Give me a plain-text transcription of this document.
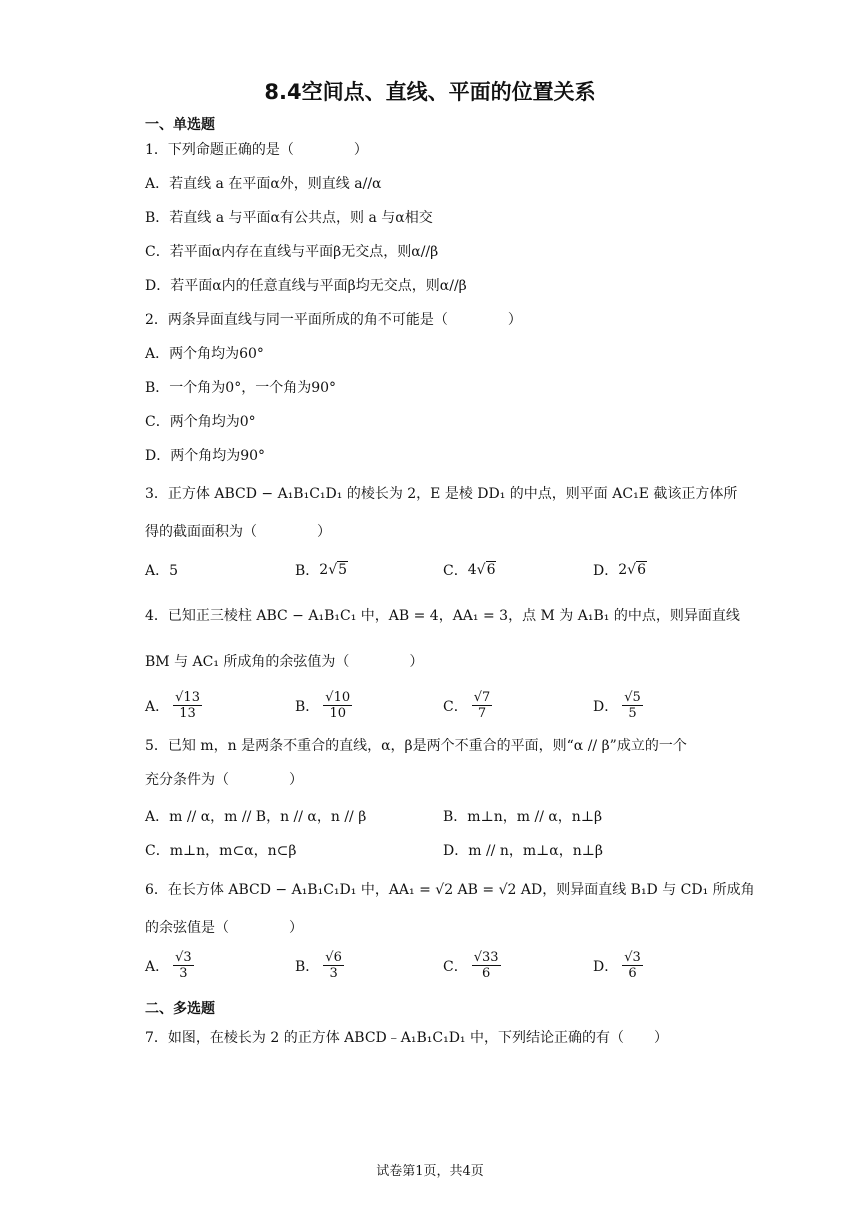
8.4空间点、直线、平面的位置关系
一、单选题
1．下列命题正确的是（	）
A．若直线 a 在平面α外，则直线 a//α
B．若直线 a 与平面α有公共点，则 a 与α相交
C．若平面α内存在直线与平面β无交点，则α//β
D．若平面α内的任意直线与平面β均无交点，则α//β
2．两条异面直线与同一平面所成的角不可能是（	）
A．两个角均为60°
B．一个角为0°，一个角为90°
C．两个角均为0°
D．两个角均为90°
3．正方体 ABCD − A₁B₁C₁D₁ 的棱长为 2，E 是棱 DD₁ 的中点，则平面 AC₁E 截该正方体所
得的截面面积为（	）
A．5	B． 2 √5	C． 4 √6	D． 2 √6
4．已知正三棱柱 ABC − A₁B₁C₁ 中，AB = 4，AA₁ = 3，点 M 为 A₁B₁ 的中点，则异面直线
BM 与 AC₁ 所成角的余弦值为（	）
A． $\frac{√13}{13}$	B． $\frac{√10}{10}$	C． $\frac{√7}{7}$	D． $\frac{√5}{5}$
5．已知 m，n 是两条不重合的直线，α，β是两个不重合的平面，则“α // β”成立的一个
充分条件为（	）
A．m // α，m // B，n // α，n // β	B．m⊥n，m // α，n⊥β
C．m⊥n，m⊂α，n⊂β	D．m // n，m⊥α，n⊥β
6．在长方体 ABCD − A₁B₁C₁D₁ 中，AA₁ = √2 AB = √2 AD，则异面直线 B₁D 与 CD₁ 所成角
的余弦值是（	）
A． $\frac{√3}{3}$	B． $\frac{√6}{3}$	C． $\frac{√33}{6}$	D． $\frac{√3}{6}$
二、多选题
7．如图，在棱长为 2 的正方体 ABCD﹣A₁B₁C₁D₁ 中，下列结论正确的有（ ）
试卷第1页，共4页
